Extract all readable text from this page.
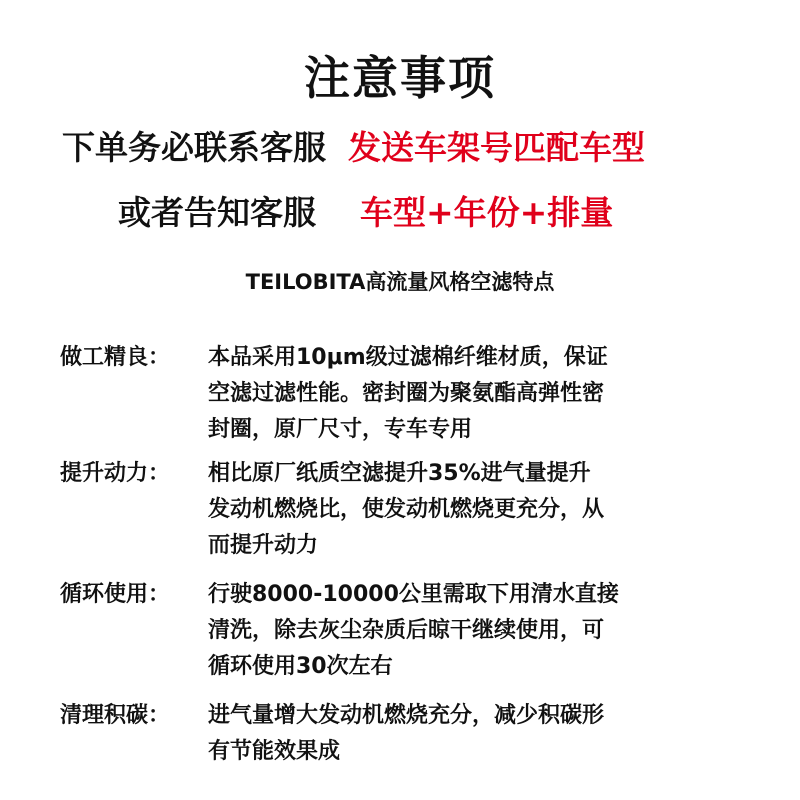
注意事项
下单务必联系客服 发送车架号匹配车型
或者告知客服 车型+年份+排量
TEILOBITA高流量风格空滤特点
做工精良： 本品采用10μm级过滤棉纤维材质，保证
空滤过滤性能。密封圈为聚氨酯高弹性密
封圈，原厂尺寸，专车专用
提升动力： 相比原厂纸质空滤提升35%进气量提升
发动机燃烧比，使发动机燃烧更充分，从
而提升动力
循环使用： 行驶8000-10000公里需取下用清水直接
清洗，除去灰尘杂质后晾干继续使用，可
循环使用30次左右
清理积碳： 进气量增大发动机燃烧充分，减少积碳形
有节能效果成
